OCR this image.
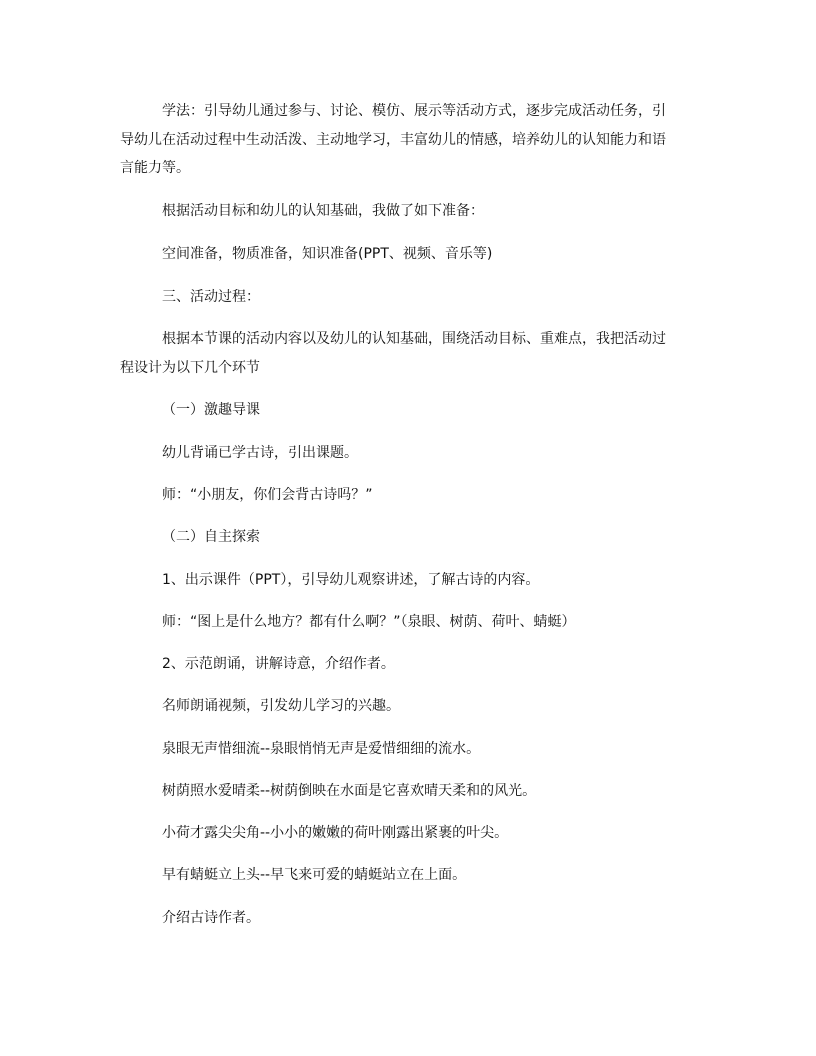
学法：引导幼儿通过参与、讨论、模仿、展示等活动方式，逐步完成活动任务，引
导幼儿在活动过程中生动活泼、主动地学习，丰富幼儿的情感，培养幼儿的认知能力和语
言能力等。
根据活动目标和幼儿的认知基础，我做了如下准备：
空间准备，物质准备，知识准备(PPT、视频、音乐等)
三、活动过程：
根据本节课的活动内容以及幼儿的认知基础，围绕活动目标、重难点，我把活动过
程设计为以下几个环节
（一）激趣导课
幼儿背诵已学古诗，引出课题。
师：“小朋友，你们会背古诗吗？”
（二）自主探索
1、出示课件（PPT），引导幼儿观察讲述，了解古诗的内容。
师：“图上是什么地方？都有什么啊？”（泉眼、树荫、荷叶、蜻蜓）
2、示范朗诵，讲解诗意，介绍作者。
名师朗诵视频，引发幼儿学习的兴趣。
泉眼无声惜细流--泉眼悄悄无声是爱惜细细的流水。
树荫照水爱晴柔--树荫倒映在水面是它喜欢晴天柔和的风光。
小荷才露尖尖角--小小的嫩嫩的荷叶刚露出紧裹的叶尖。
早有蜻蜓立上头--早飞来可爱的蜻蜓站立在上面。
介绍古诗作者。
